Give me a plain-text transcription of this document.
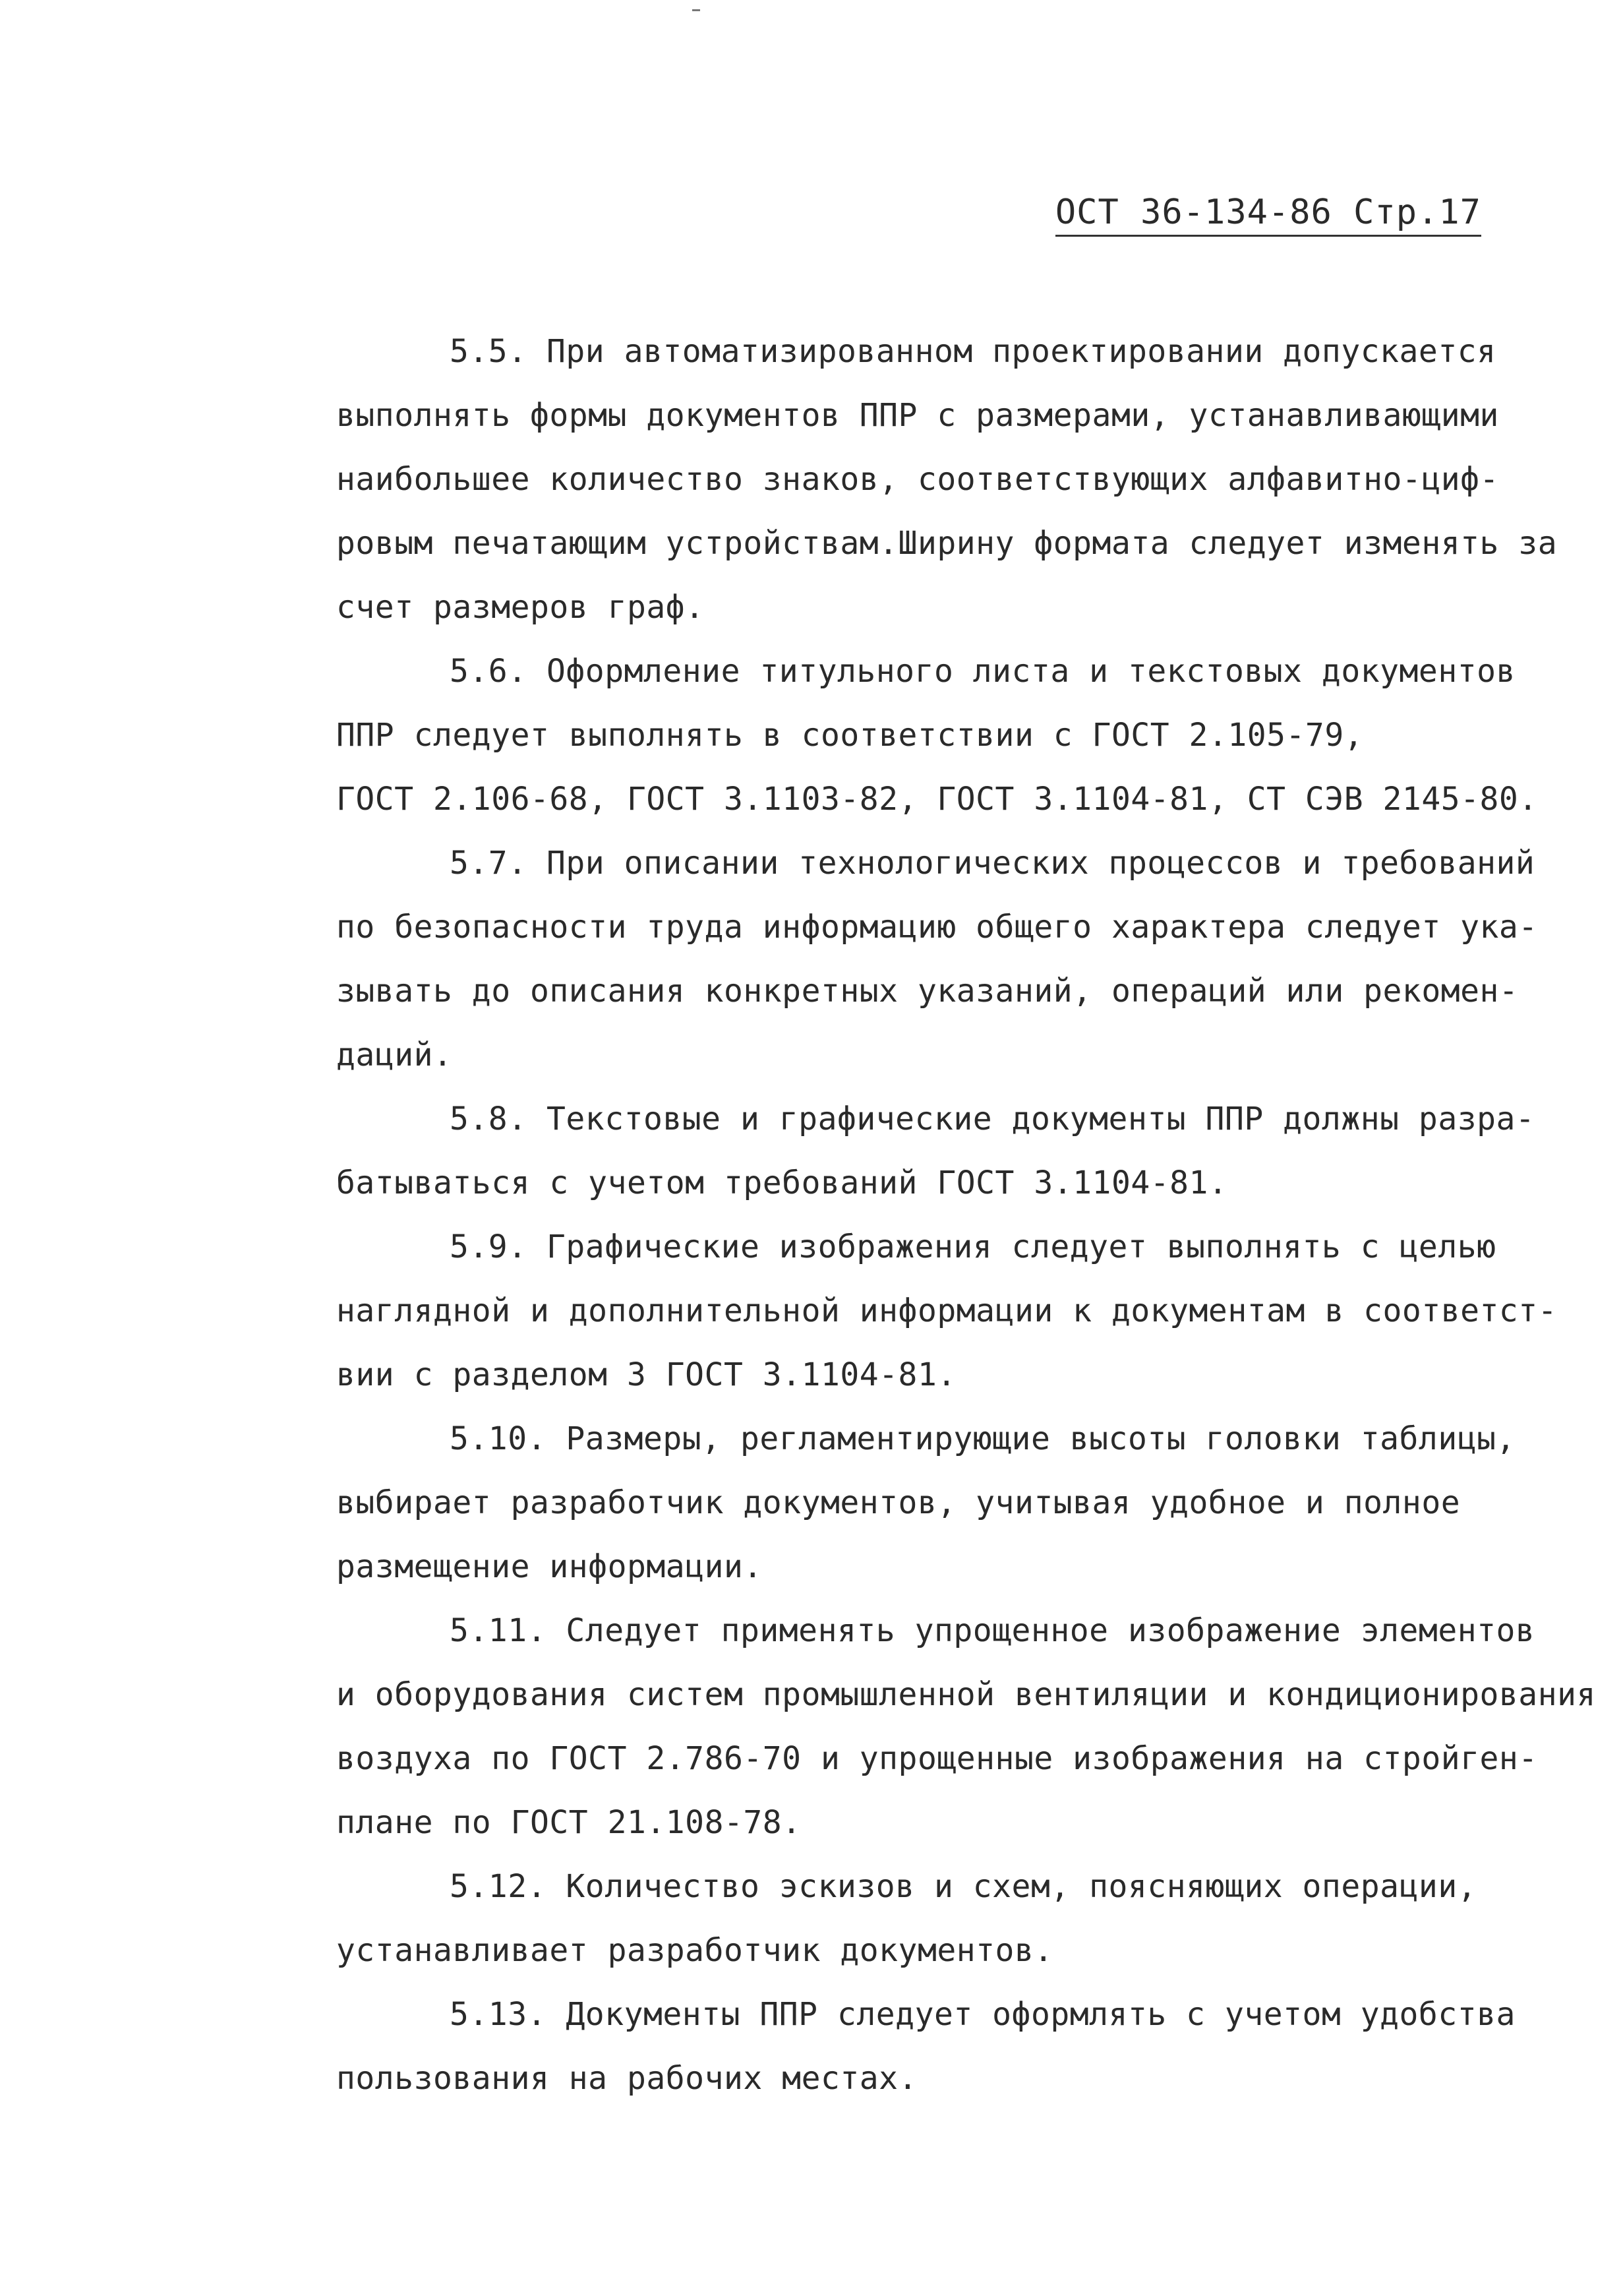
ОСТ 36-134-86 Стр.17

5.5. При автоматизированном проектировании допускается
выполнять формы документов ППР с размерами, устанавливающими
наибольшее количество знаков, соответствующих алфавитно-циф-
ровым печатающим устройствам.Ширину формата следует изменять за
счет размеров граф.

5.6. Оформление титульного листа и текстовых документов
ППР следует выполнять в соответствии с ГОСТ 2.105-79,
ГОСТ 2.106-68, ГОСТ 3.1103-82, ГОСТ 3.1104-81, СТ СЭВ 2145-80.

5.7. При описании технологических процессов и требований
по безопасности труда информацию общего характера следует ука-
зывать до описания конкретных указаний, операций или рекомен-
даций.

5.8. Текстовые и графические документы ППР должны разра-
батываться с учетом требований ГОСТ 3.1104-81.

5.9. Графические изображения следует выполнять с целью
наглядной и дополнительной информации к документам в соответст-
вии с разделом 3 ГОСТ 3.1104-81.

5.10. Размеры, регламентирующие высоты головки таблицы,
выбирает разработчик документов, учитывая удобное и полное
размещение информации.

5.11. Следует применять упрощенное изображение элементов
и оборудования систем промышленной вентиляции и кондиционирования
воздуха по ГОСТ 2.786-70 и упрощенные изображения на стройген-
плане по ГОСТ 21.108-78.

5.12. Количество эскизов и схем, поясняющих операции,
устанавливает разработчик документов.

5.13. Документы ППР следует оформлять с учетом удобства
пользования на рабочих местах.
